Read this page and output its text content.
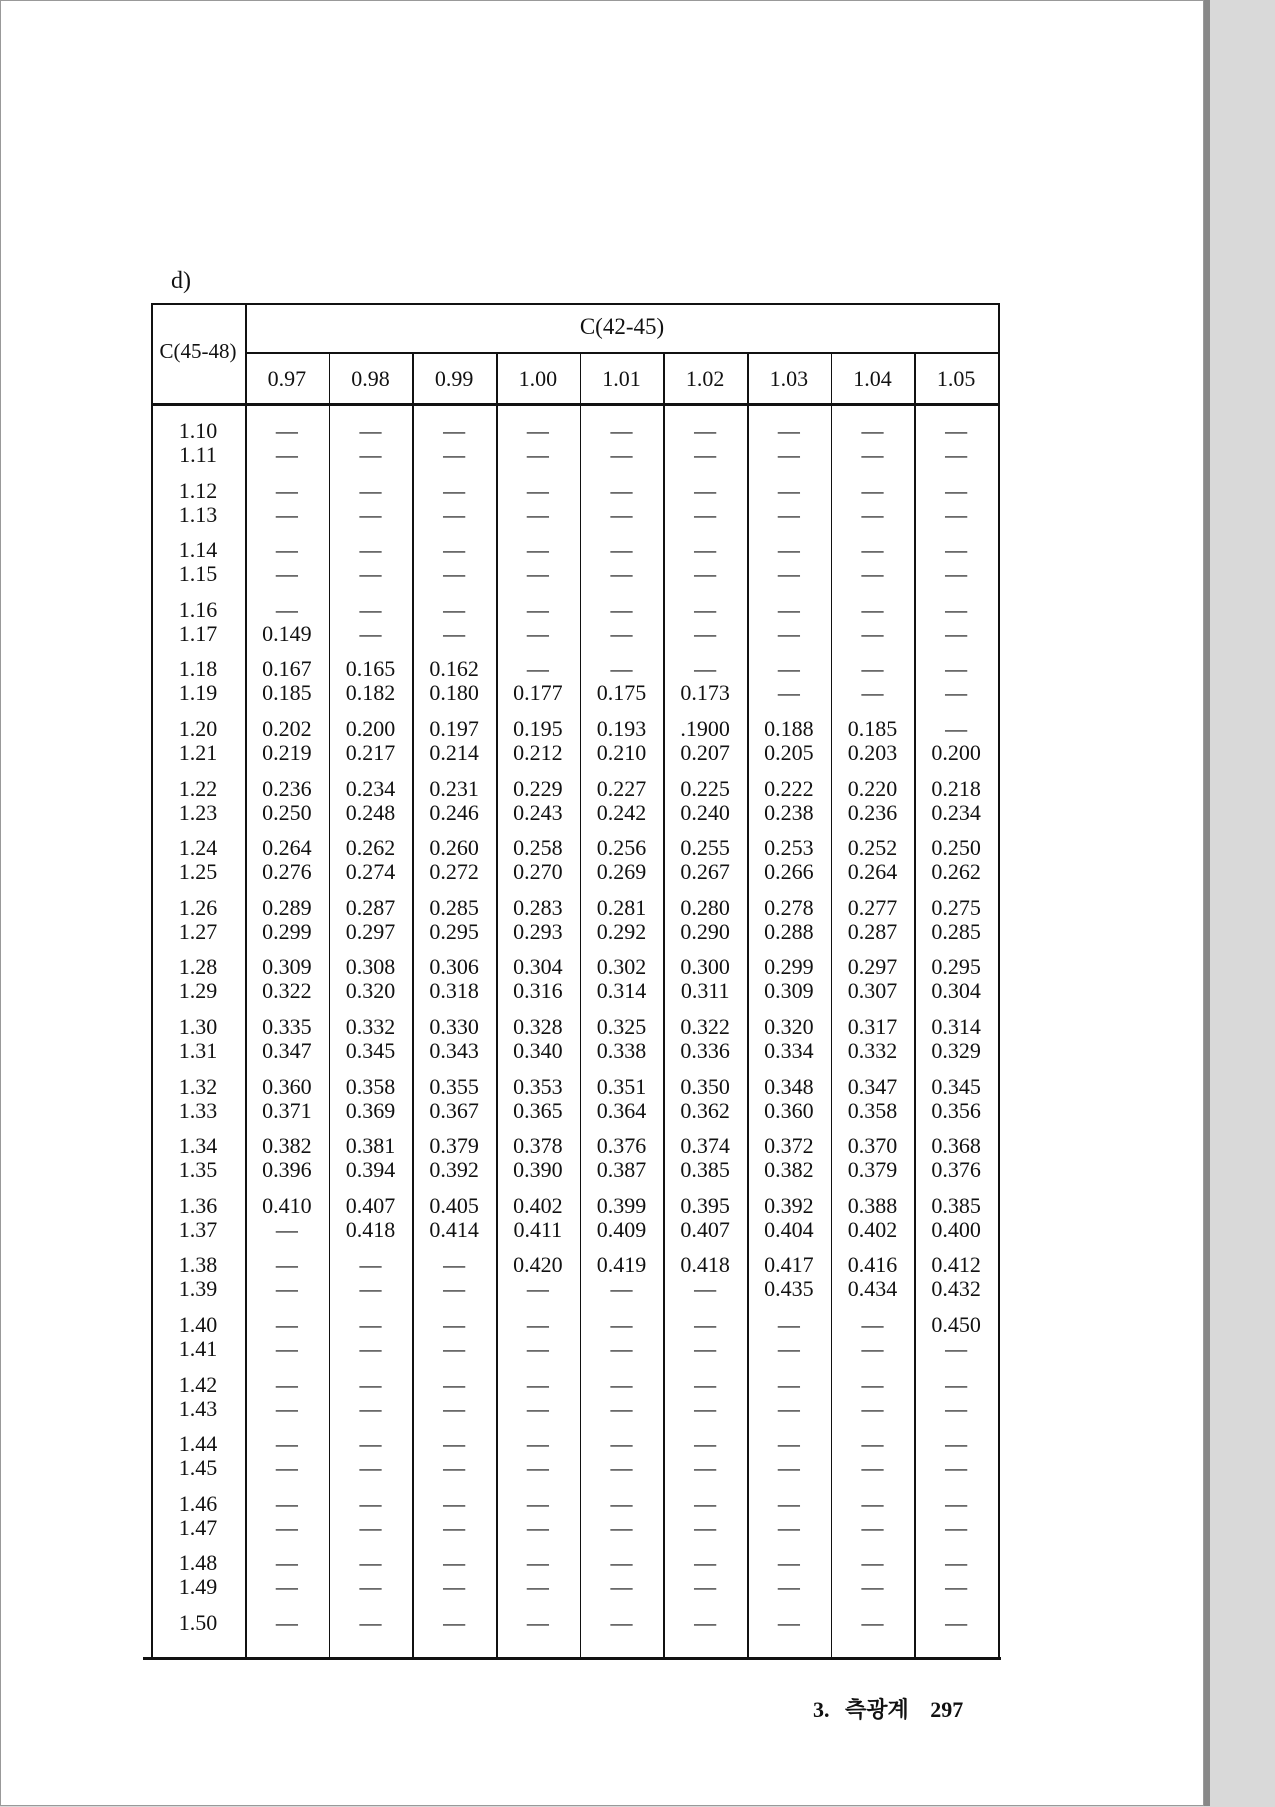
d)
C(45-48)
C(42-45)
0.97	0.98	0.99	1.00	1.01	1.02	1.03	1.04	1.05
1.10	—	—	—	—	—	—	—	—	—
1.11	—	—	—	—	—	—	—	—	—
1.12	—	—	—	—	—	—	—	—	—
1.13	—	—	—	—	—	—	—	—	—
1.14	—	—	—	—	—	—	—	—	—
1.15	—	—	—	—	—	—	—	—	—
1.16	—	—	—	—	—	—	—	—	—
1.17	0.149	—	—	—	—	—	—	—	—
1.18	0.167	0.165	0.162	—	—	—	—	—	—
1.19	0.185	0.182	0.180	0.177	0.175	0.173	—	—	—
1.20	0.202	0.200	0.197	0.195	0.193	.1900	0.188	0.185	—
1.21	0.219	0.217	0.214	0.212	0.210	0.207	0.205	0.203	0.200
1.22	0.236	0.234	0.231	0.229	0.227	0.225	0.222	0.220	0.218
1.23	0.250	0.248	0.246	0.243	0.242	0.240	0.238	0.236	0.234
1.24	0.264	0.262	0.260	0.258	0.256	0.255	0.253	0.252	0.250
1.25	0.276	0.274	0.272	0.270	0.269	0.267	0.266	0.264	0.262
1.26	0.289	0.287	0.285	0.283	0.281	0.280	0.278	0.277	0.275
1.27	0.299	0.297	0.295	0.293	0.292	0.290	0.288	0.287	0.285
1.28	0.309	0.308	0.306	0.304	0.302	0.300	0.299	0.297	0.295
1.29	0.322	0.320	0.318	0.316	0.314	0.311	0.309	0.307	0.304
1.30	0.335	0.332	0.330	0.328	0.325	0.322	0.320	0.317	0.314
1.31	0.347	0.345	0.343	0.340	0.338	0.336	0.334	0.332	0.329
1.32	0.360	0.358	0.355	0.353	0.351	0.350	0.348	0.347	0.345
1.33	0.371	0.369	0.367	0.365	0.364	0.362	0.360	0.358	0.356
1.34	0.382	0.381	0.379	0.378	0.376	0.374	0.372	0.370	0.368
1.35	0.396	0.394	0.392	0.390	0.387	0.385	0.382	0.379	0.376
1.36	0.410	0.407	0.405	0.402	0.399	0.395	0.392	0.388	0.385
1.37	—	0.418	0.414	0.411	0.409	0.407	0.404	0.402	0.400
1.38	—	—	—	0.420	0.419	0.418	0.417	0.416	0.412
1.39	—	—	—	—	—	—	0.435	0.434	0.432
1.40	—	—	—	—	—	—	—	—	0.450
1.41	—	—	—	—	—	—	—	—	—
1.42	—	—	—	—	—	—	—	—	—
1.43	—	—	—	—	—	—	—	—	—
1.44	—	—	—	—	—	—	—	—	—
1.45	—	—	—	—	—	—	—	—	—
1.46	—	—	—	—	—	—	—	—	—
1.47	—	—	—	—	—	—	—	—	—
1.48	—	—	—	—	—	—	—	—	—
1.49	—	—	—	—	—	—	—	—	—
1.50	—	—	—	—	—	—	—	—	—
3. 측광계 297
